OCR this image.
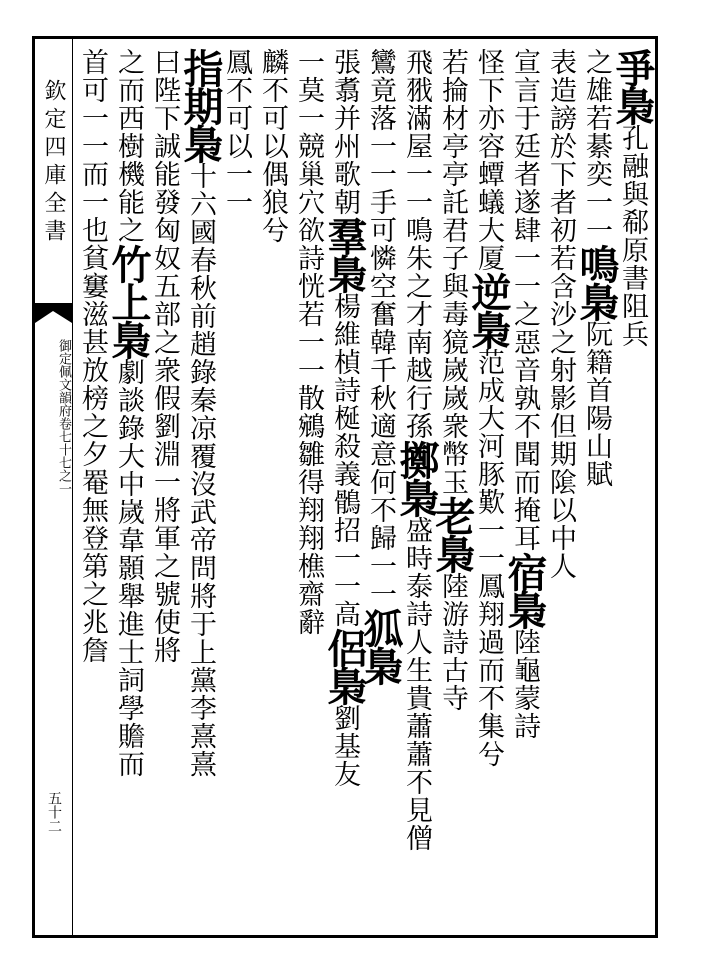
欽定四庫全書
御定佩文韻府卷七十七之一
五十二
爭梟孔融與郗原書阻兵
之雄若綦奕一一鳴梟阮籍首陽山賦
表造謗於下者初若含沙之射影但期隂以中人
宣言于廷者遂肆一一之惡音孰不聞而掩耳宿梟陸龜蒙詩
怪下亦容蟫蟻大厦逆梟范成大河豚歎一一鳳翔過而不集兮
若掄材亭亭託君子與毒獍嵗嵗衆幣玉老梟陸游詩古寺
飛𦐂滿屋一一鳴朱之才南越行孫擲梟盛時泰詩人生貴蕭蕭不見僧
鸞竟落一一手可憐空奮韓千秋適意何不歸一一狐梟
張翥并州歌朝羣梟楊維楨詩梴殺義鶻招一一高侶梟劉基友
一莫一競巢穴欲詩恍若一一散鵷雛得翔翔樵齋辭
麟不可以偶狼兮
鳳不可以一一
指期梟十六國春秋前趙錄秦凉覆沒武帝問將于上黨李熹熹
曰陛下誠能發匈奴五部之衆假劉淵一將軍之號使將
之而西樹機能之竹上梟劇談錄大中嵗韋顥舉進士詞學贍而
首可一一而一也貧窶滋甚放榜之夕罨無登第之兆詹
